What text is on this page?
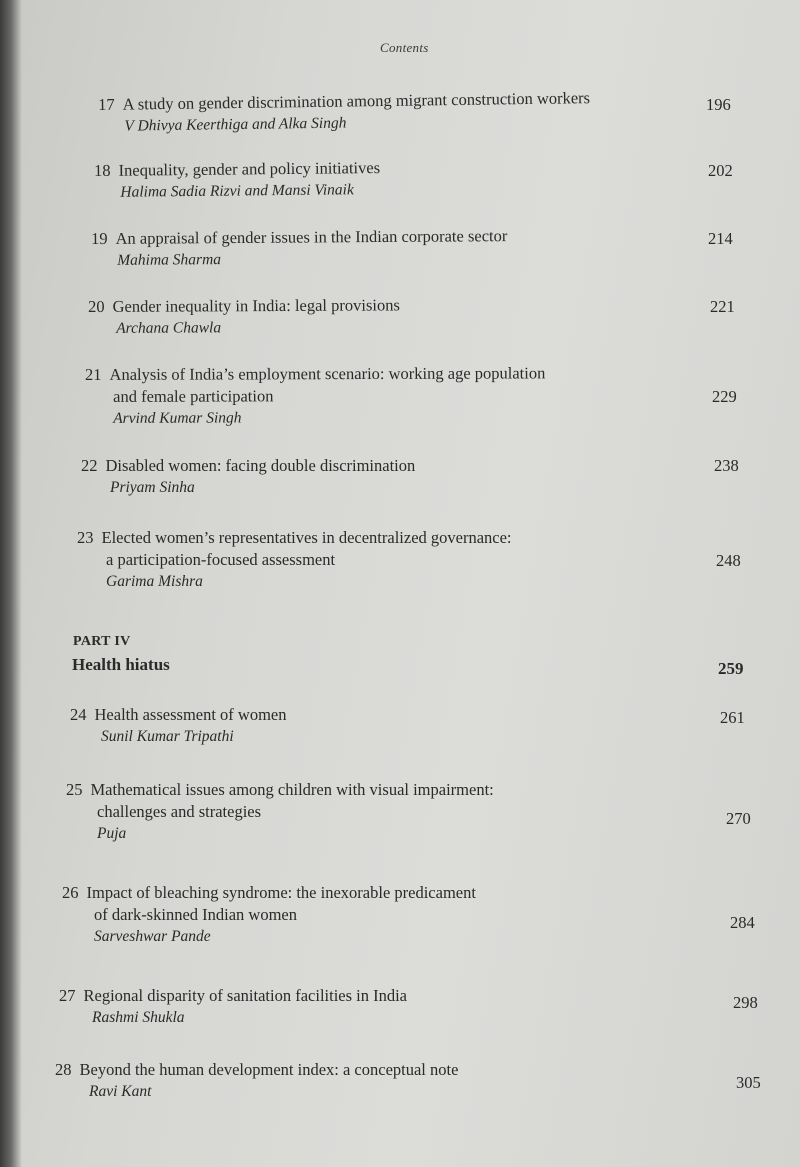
Contents
17 A study on gender discrimination among migrant construction workers
V Dhivya Keerthiga and Alka Singh
196
18 Inequality, gender and policy initiatives
Halima Sadia Rizvi and Mansi Vinaik
202
19 An appraisal of gender issues in the Indian corporate sector
Mahima Sharma
214
20 Gender inequality in India: legal provisions
Archana Chawla
221
21 Analysis of India’s employment scenario: working age population
and female participation
Arvind Kumar Singh
229
22 Disabled women: facing double discrimination
Priyam Sinha
238
23 Elected women’s representatives in decentralized governance:
a participation-focused assessment
Garima Mishra
248
PART IV
Health hiatus	259
24 Health assessment of women
Sunil Kumar Tripathi
261
25 Mathematical issues among children with visual impairment:
challenges and strategies
Puja
270
26 Impact of bleaching syndrome: the inexorable predicament
of dark-skinned Indian women
Sarveshwar Pande
284
27 Regional disparity of sanitation facilities in India
Rashmi Shukla
298
28 Beyond the human development index: a conceptual note
Ravi Kant	305
